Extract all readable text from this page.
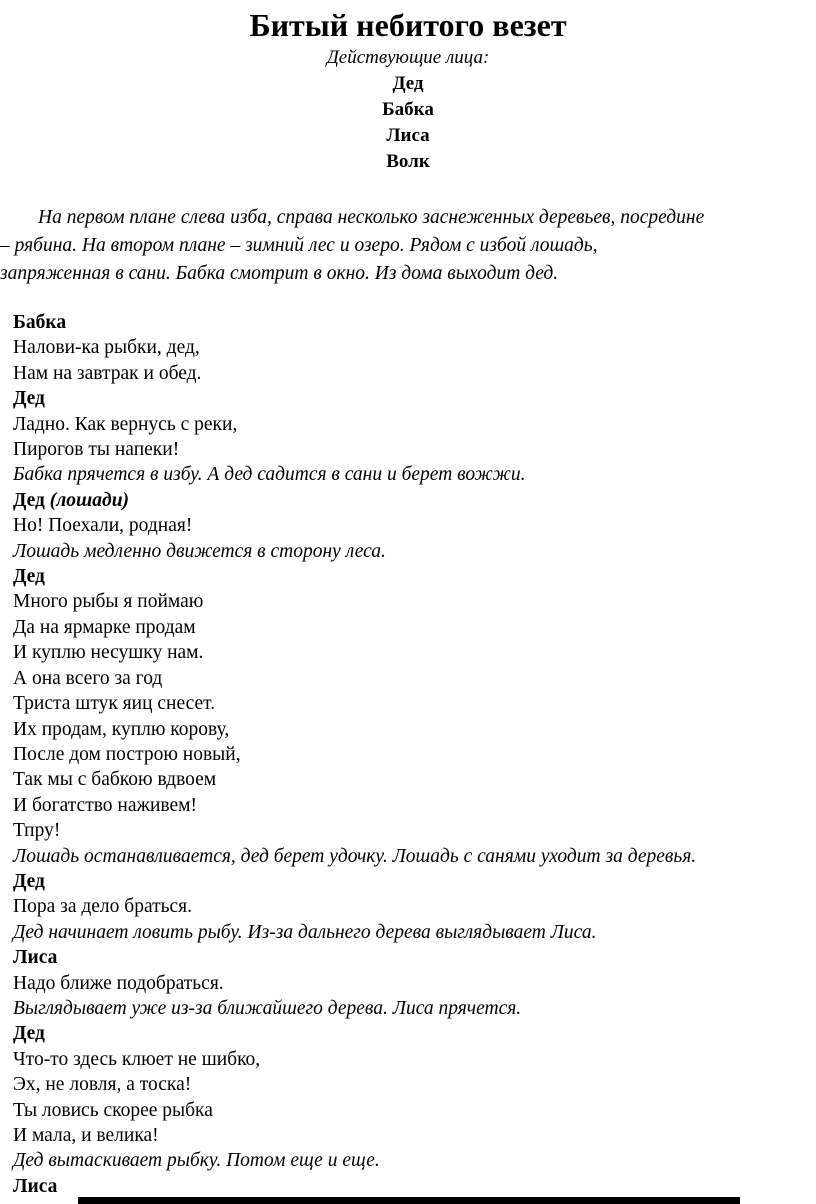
Битый небитого везет
Действующие лица:
Дед
Бабка
Лиса
Волк
На первом плане слева изба, справа несколько заснеженных деревьев, посредине
– рябина. На втором плане – зимний лес и озеро. Рядом с избой лошадь,
запряженная в сани. Бабка смотрит в окно. Из дома выходит дед.
Бабка
Налови-ка рыбки, дед,
Нам на завтрак и обед.
Дед
Ладно. Как вернусь с реки,
Пирогов ты напеки!
Бабка прячется в избу. А дед садится в сани и берет вожжи.
Дед (лошади)
Но! Поехали, родная!
Лошадь медленно движется в сторону леса.
Дед
Много рыбы я поймаю
Да на ярмарке продам
И куплю несушку нам.
А она всего за год
Триста штук яиц снесет.
Их продам, куплю корову,
После дом построю новый,
Так мы с бабкою вдвоем
И богатство наживем!
Тпру!
Лошадь останавливается, дед берет удочку. Лошадь с санями уходит за деревья.
Дед
Пора за дело браться.
Дед начинает ловить рыбу. Из-за дальнего дерева выглядывает Лиса.
Лиса
Надо ближе подобраться.
Выглядывает уже из-за ближайшего дерева. Лиса прячется.
Дед
Что-то здесь клюет не шибко,
Эх, не ловля, а тоска!
Ты ловись скорее рыбка
И мала, и велика!
Дед вытаскивает рыбку. Потом еще и еще.
Лиса
